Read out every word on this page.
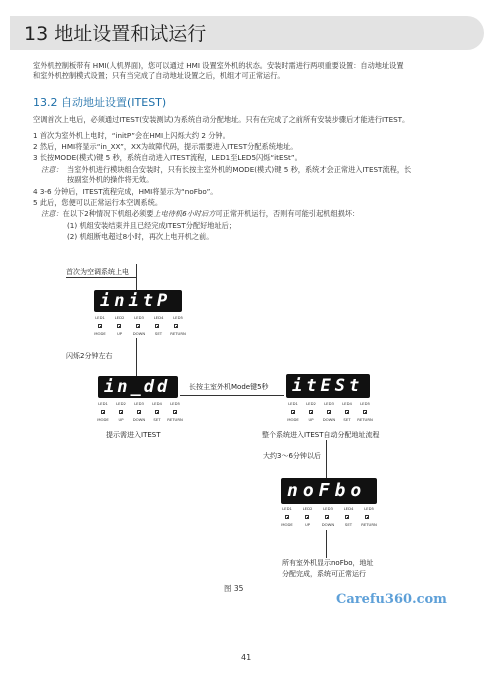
13 地址设置和试运行
室外机控制板带有 HMI(人机界面)，您可以通过 HMI 设置室外机的状态。安装时需进行两项重要设置：自动地址设置
和室外机控制模式设置；只有当完成了自动地址设置之后，机组才可正常运行。
13.2 自动地址设置(ITEST)
空调首次上电后，必须通过ITEST(安装测试)为系统自动分配地址。只有在完成了之前所有安装步骤后才能进行ITEST。
1 首次为室外机上电时，“initP”会在HMI上闪烁大约 2 分钟。
2 然后，HMI将显示“in_XX”，XX为故障代码，提示需要进入ITEST分配系统地址。
3 长按MODE(模式)键 5 秒，系统自动进入ITEST流程，LED1至LED5闪烁“itESt”。
注意： 当室外机进行模块组合安装时，只有长按主室外机的MODE(模式)键 5 秒，系统才会正常进入ITEST流程，长
按副室外机的操作将无效。
4 3-6 分钟后，ITEST流程完成，HMI将显示为“noFbo”。
5 此后，您便可以正常运行本空调系统。
注意：在以下2种情况下机组必须要上电待机6小时后方可正常开机运行，否则有可能引起机组损坏：
(1) 机组安装结束并且已经完成ITEST分配好地址后；
(2) 机组断电超过8小时，再次上电开机之前。
首次为空调系统上电
initP
LED1	LED2	LED3	LED4	LED5
MODE	UP	DOWN	SET	RETURN
闪烁2分钟左右
in_dd
LED1	LED2	LED3	LED4	LED5
MODE	UP	DOWN	SET	RETURN
提示需进入ITEST
长按主室外机Mode键5秒 itESt
LED1	LED2	LED3	LED4	LED5
MODE	UP	DOWN	SET	RETURN
整个系统进入ITEST自动分配地址流程
大约3～6分钟以后
noFbo
LED1	LED2	LED3	LED4	LED5
MODE	UP	DOWN	SET	RETURN
所有室外机显示noFbo，地址
分配完成，系统可正常运行
图 35
Carefu360.com
41
